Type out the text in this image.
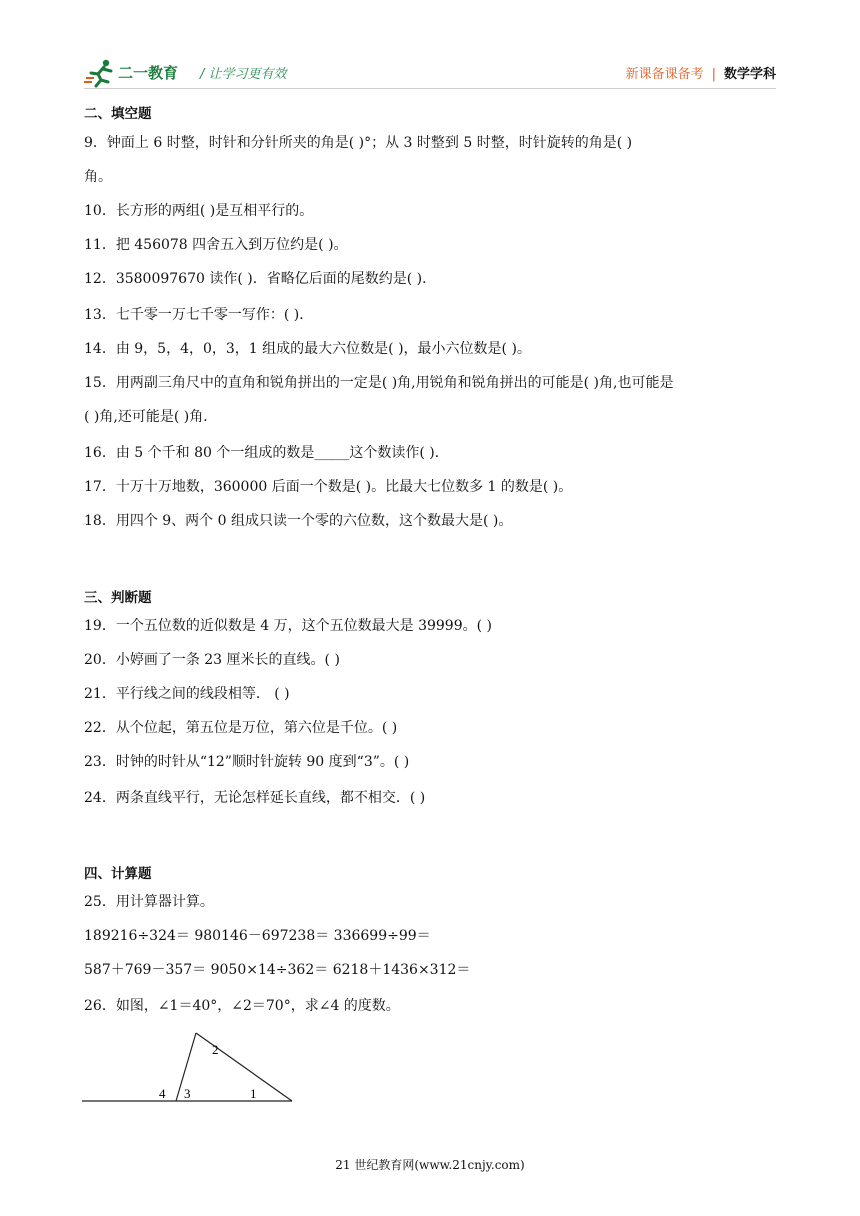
二一教育 / 让学习更有效	新课备课备考 | 数学学科
二、填空题
9．钟面上 6 时整，时针和分针所夹的角是( )°；从 3 时整到 5 时整，时针旋转的角是( )
角。
10．长方形的两组( )是互相平行的。
11．把 456078 四舍五入到万位约是( )。
12．3580097670 读作( )．省略亿后面的尾数约是( )．
13．七千零一万七千零一写作：( )．
14．由 9，5，4，0，3，1 组成的最大六位数是( )，最小六位数是( )。
15．用两副三角尺中的直角和锐角拼出的一定是( )角,用锐角和锐角拼出的可能是( )角,也可能是
( )角,还可能是( )角．
16．由 5 个千和 80 个一组成的数是_____这个数读作( )．
17．十万十万地数，360000 后面一个数是( )。比最大七位数多 1 的数是( )。
18．用四个 9、两个 0 组成只读一个零的六位数，这个数最大是( )。
三、判断题
19．一个五位数的近似数是 4 万，这个五位数最大是 39999。( )
20．小婷画了一条 23 厘米长的直线。( )
21．平行线之间的线段相等． ( )
22．从个位起，第五位是万位，第六位是千位。( )
23．时钟的时针从“12”顺时针旋转 90 度到“3”。( )
24．两条直线平行，无论怎样延长直线，都不相交．( )
四、计算题
25．用计算器计算。
189216÷324＝ 980146－697238＝ 336699÷99＝
587＋769－357＝ 9050×14÷362＝ 6218＋1436×312＝
26．如图，∠1＝40°，∠2＝70°，求∠4 的度数。
2
4 3	1
21 世纪教育网(www.21cnjy.com)
